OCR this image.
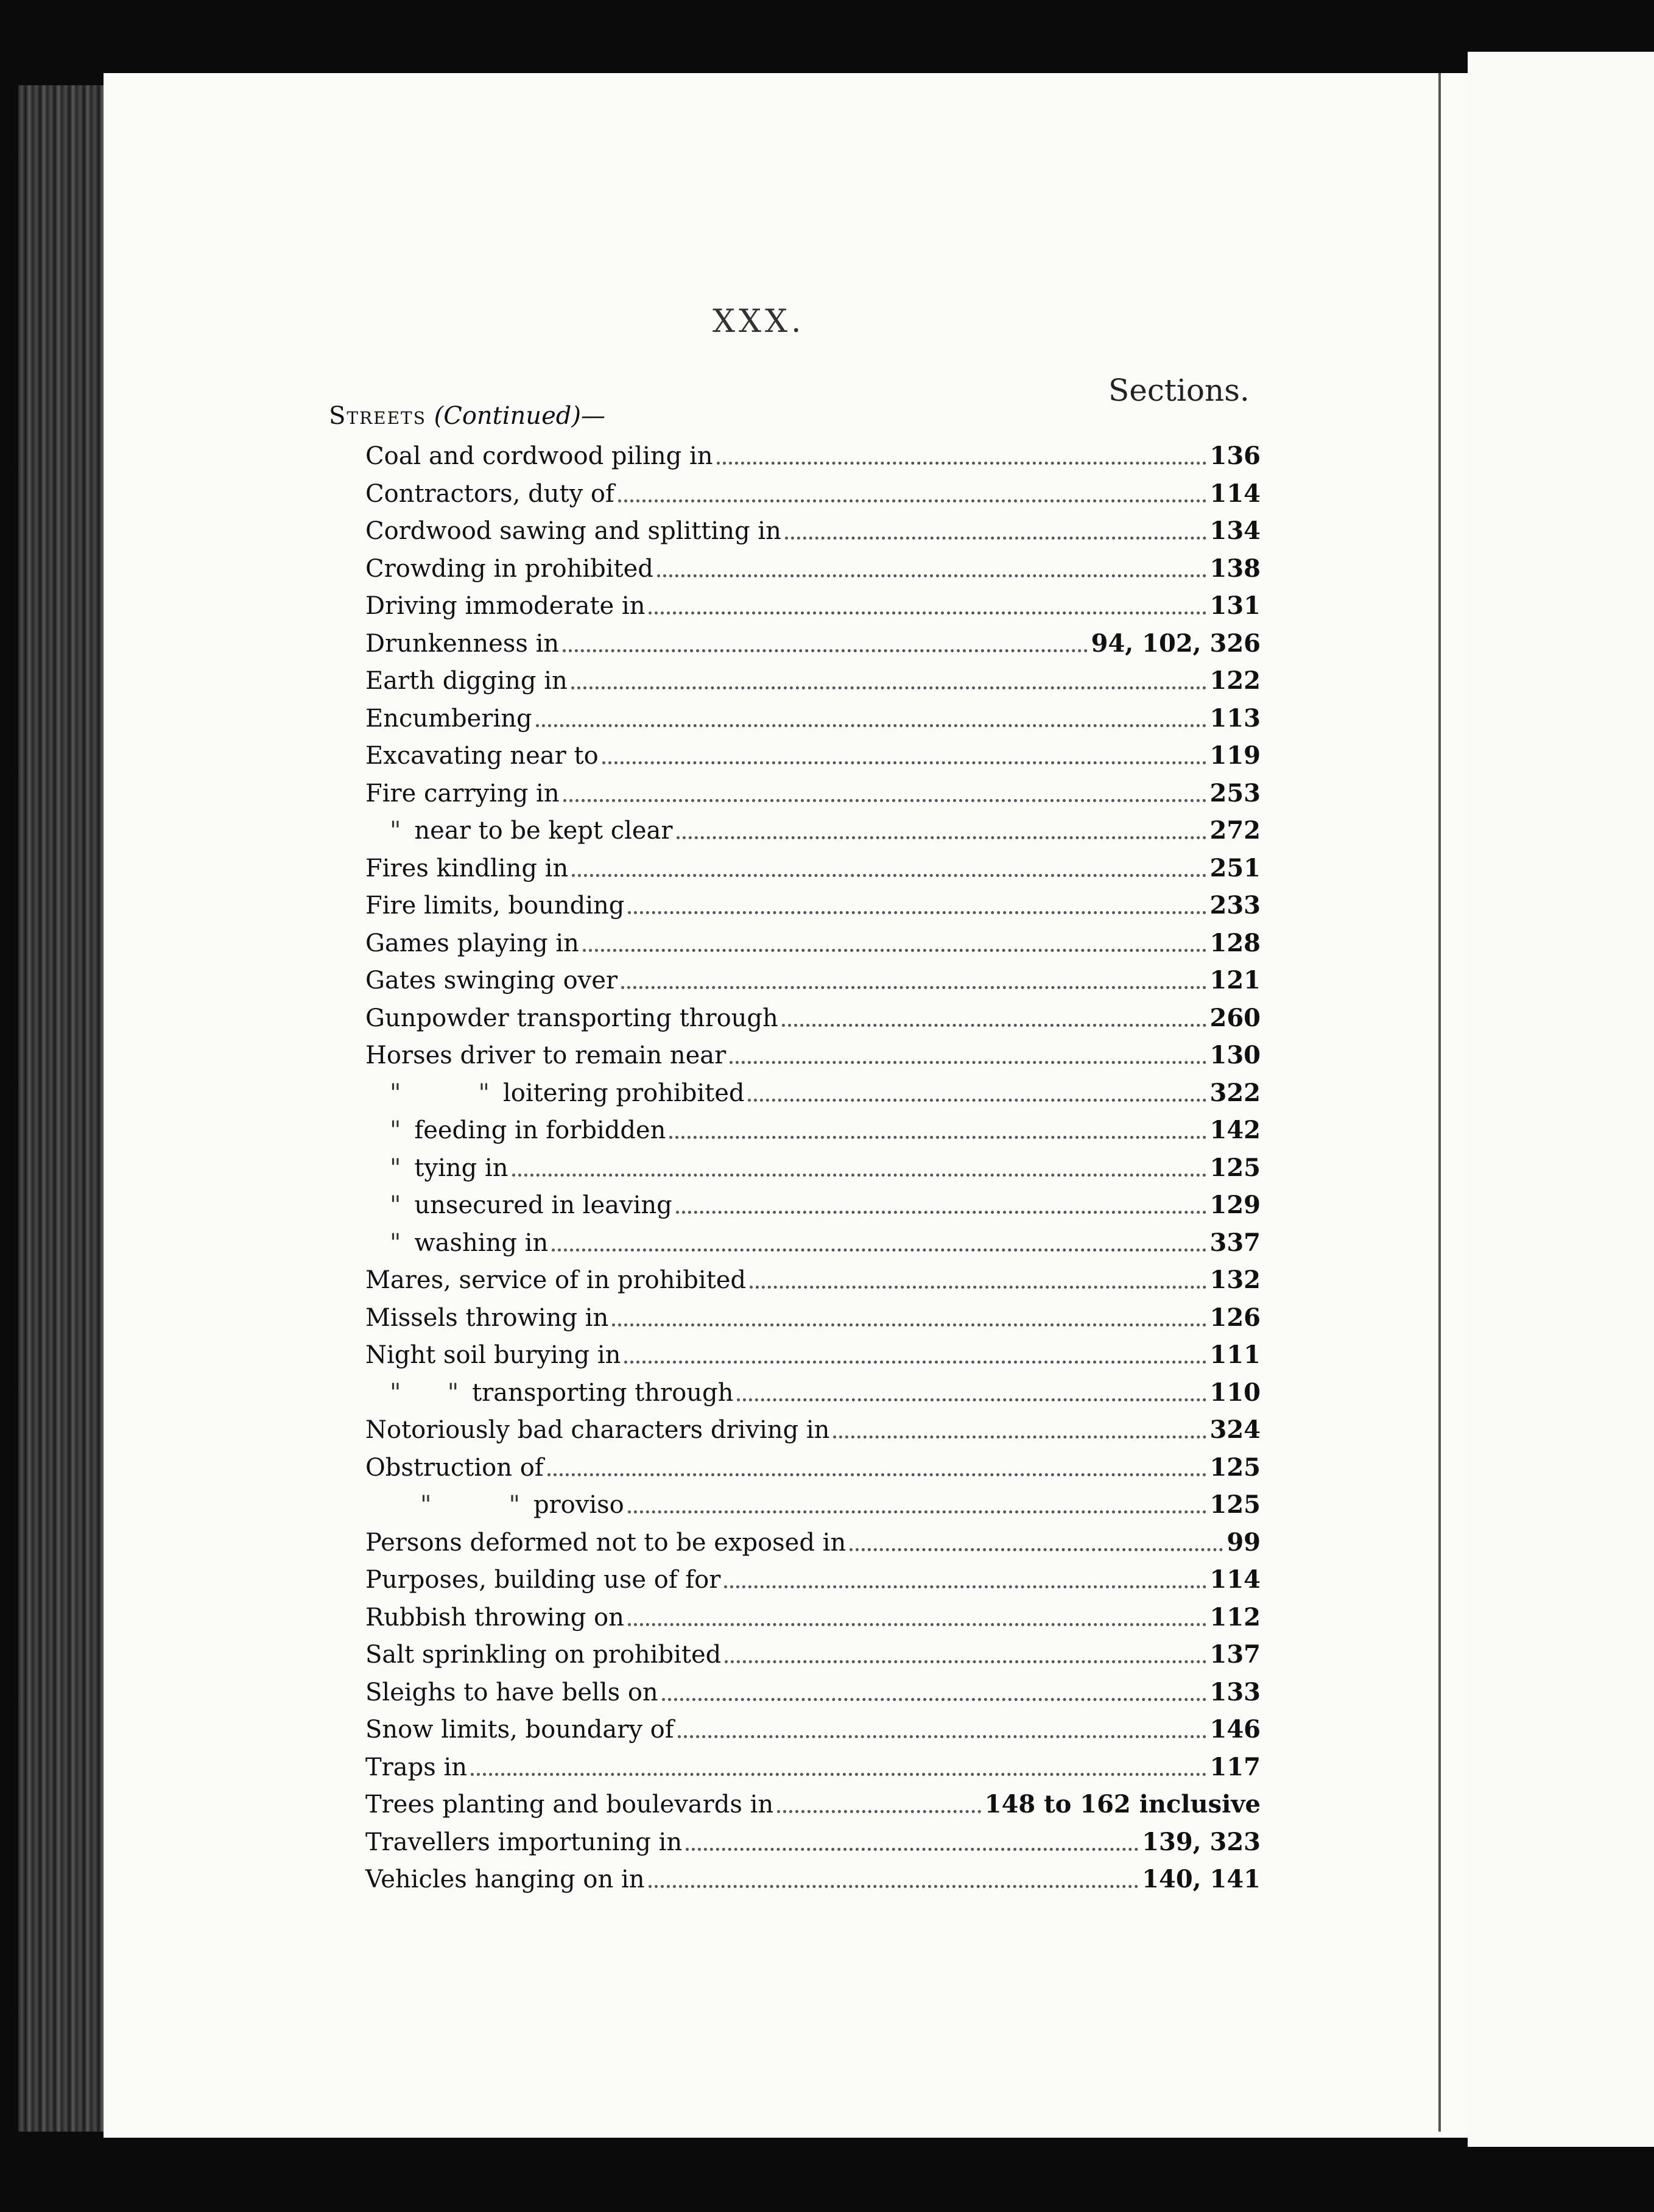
XXX.
Sections.
Streets (Continued)—
Coal and cordwood piling in	136
Contractors, duty of	114
Cordwood sawing and splitting in	134
Crowding in prohibited	138
Driving immoderate in	131
Drunkenness in	94, 102, 326
Earth digging in	122
Encumbering	113
Excavating near to	119
Fire carrying in	253
" near to be kept clear	272
Fires kindling in	251
Fire limits, bounding	233
Games playing in	128
Gates swinging over	121
Gunpowder transporting through	260
Horses driver to remain near	130
"          " loitering prohibited	322
" feeding in forbidden	142
" tying in	125
" unsecured in leaving	129
" washing in	337
Mares, service of in prohibited	132
Missels throwing in	126
Night soil burying in	111
"      " transporting through	110
Notoriously bad characters driving in	324
Obstruction of	125
"          " proviso	125
Persons deformed not to be exposed in	99
Purposes, building use of for	114
Rubbish throwing on	112
Salt sprinkling on prohibited	137
Sleighs to have bells on	133
Snow limits, boundary of	146
Traps in	117
Trees planting and boulevards in	148 to 162 inclusive
Travellers importuning in	139, 323
Vehicles hanging on in	140, 141
